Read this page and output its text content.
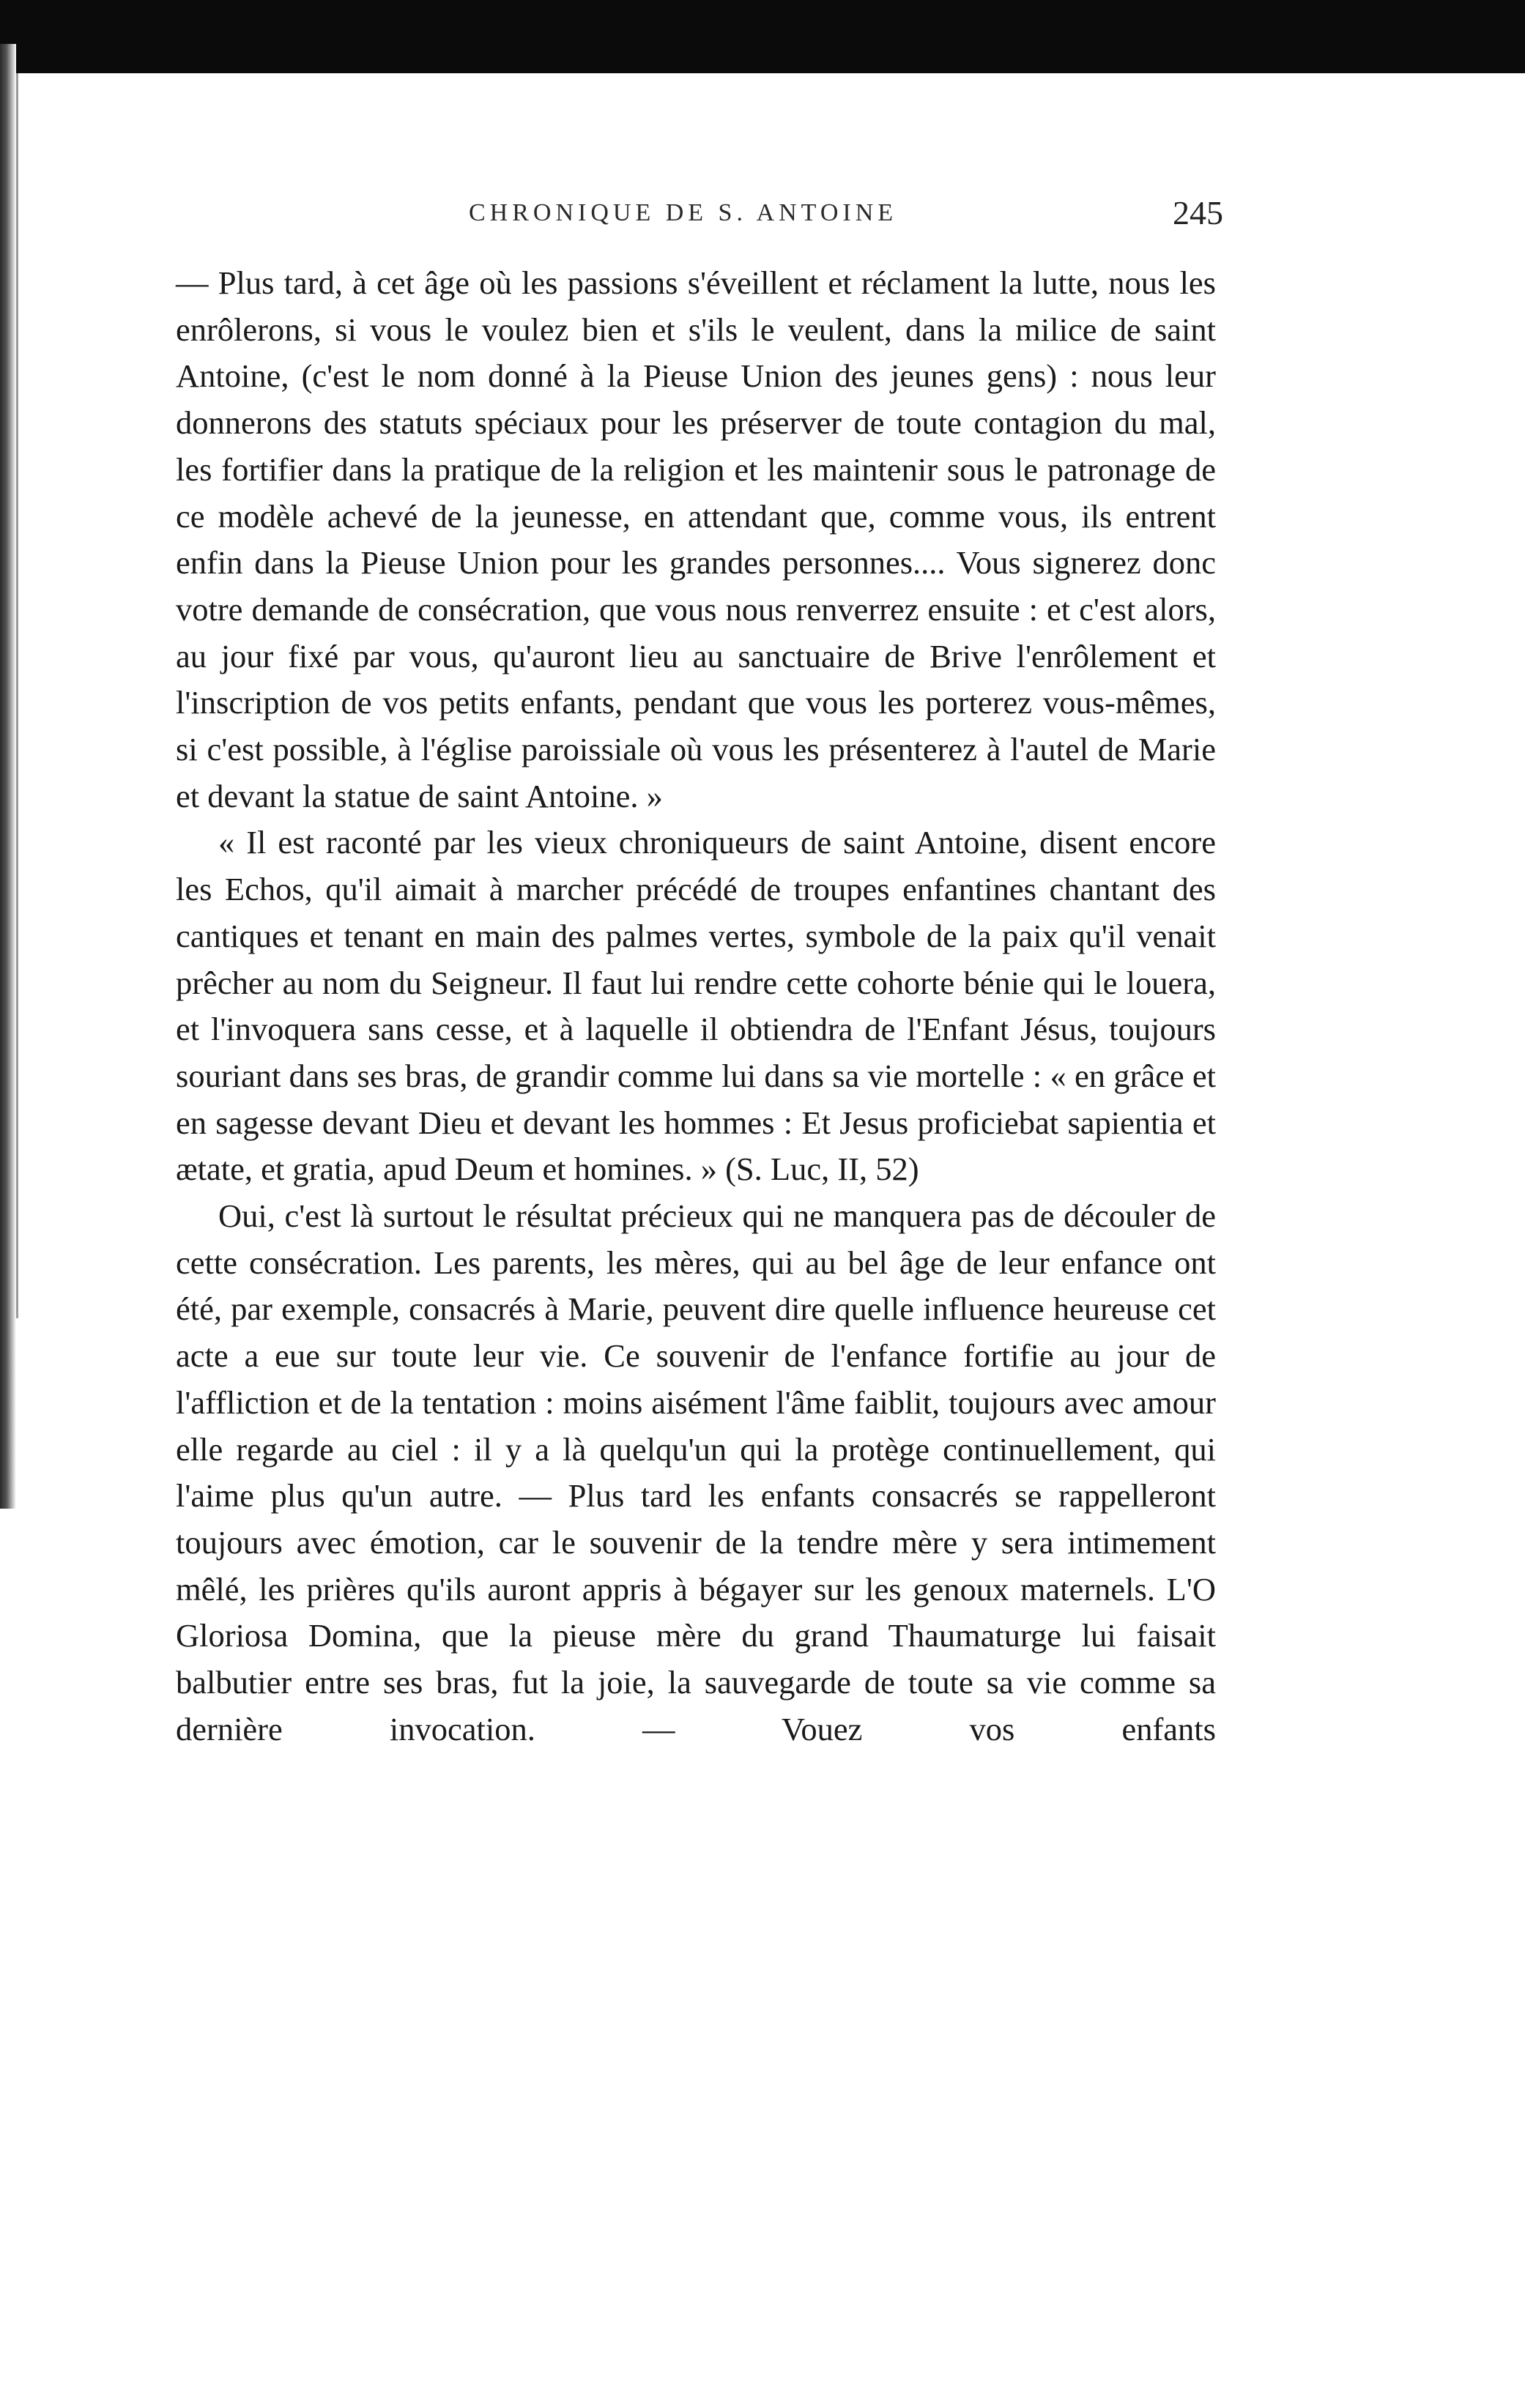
CHRONIQUE DE S. ANTOINE	245

— Plus tard, à cet âge où les passions s'éveillent et réclament la lutte, nous les enrôlerons, si vous le voulez bien et s'ils le veulent, dans la milice de saint Antoine, (c'est le nom donné à la Pieuse Union des jeunes gens) : nous leur donnerons des statuts spéciaux pour les préserver de toute contagion du mal, les fortifier dans la pratique de la religion et les maintenir sous le patronage de ce modèle achevé de la jeunesse, en attendant que, comme vous, ils entrent enfin dans la Pieuse Union pour les grandes personnes.... Vous signerez donc votre demande de consécration, que vous nous renverrez ensuite : et c'est alors, au jour fixé par vous, qu'auront lieu au sanctuaire de Brive l'enrôlement et l'inscription de vos petits enfants, pendant que vous les porterez vous-mêmes, si c'est possible, à l'église paroissiale où vous les présenterez à l'autel de Marie et devant la statue de saint Antoine. »

« Il est raconté par les vieux chroniqueurs de saint Antoine, disent encore les Echos, qu'il aimait à marcher précédé de troupes enfantines chantant des cantiques et tenant en main des palmes vertes, symbole de la paix qu'il venait prêcher au nom du Seigneur. Il faut lui rendre cette cohorte bénie qui le louera, et l'invoquera sans cesse, et à laquelle il obtiendra de l'Enfant Jésus, toujours souriant dans ses bras, de grandir comme lui dans sa vie mortelle : « en grâce et en sagesse devant Dieu et devant les hommes : Et Jesus proficiebat sapientia et ætate, et gratia, apud Deum et homines. » (S. Luc, II, 52)

Oui, c'est là surtout le résultat précieux qui ne manquera pas de découler de cette consécration. Les parents, les mères, qui au bel âge de leur enfance ont été, par exemple, consacrés à Marie, peuvent dire quelle influence heureuse cet acte a eue sur toute leur vie. Ce souvenir de l'enfance fortifie au jour de l'affliction et de la tentation : moins aisément l'âme faiblit, toujours avec amour elle regarde au ciel : il y a là quelqu'un qui la protège continuellement, qui l'aime plus qu'un autre. — Plus tard les enfants consacrés se rappelleront toujours avec émotion, car le souvenir de la tendre mère y sera intimement mêlé, les prières qu'ils auront appris à bégayer sur les genoux maternels. L'O Gloriosa Domina, que la pieuse mère du grand Thaumaturge lui faisait balbutier entre ses bras, fut la joie, la sauvegarde de toute sa vie comme sa dernière invocation. — Vouez vos enfants
